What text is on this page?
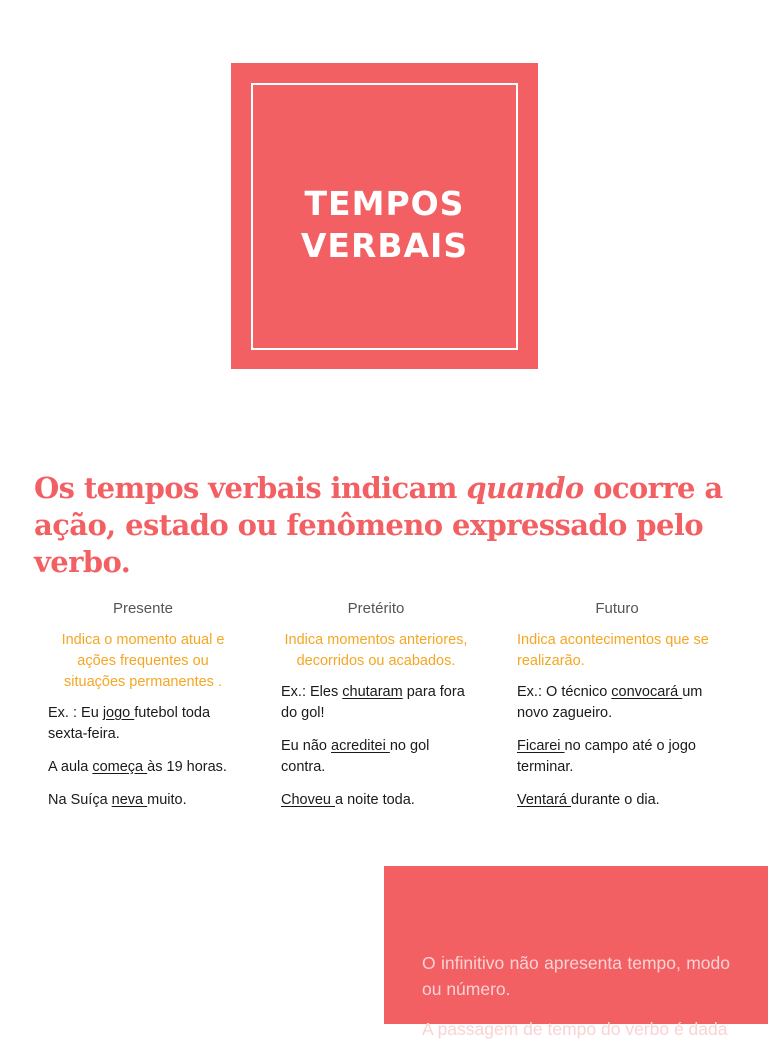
TEMPOS
VERBAIS

Os tempos verbais indicam quando ocorre a ação, estado ou fenômeno expressado pelo verbo.

Presente

Indica o momento atual e ações frequentes ou situações permanentes .

Ex. : Eu jogo futebol toda sexta-feira.

A aula começa às 19 horas.

Na Suíça neva muito.

Pretérito

Indica momentos anteriores, decorridos ou acabados.

Ex.: Eles chutaram para fora do gol!

Eu não acreditei no gol contra.

Choveu a noite toda.

Futuro

Indica acontecimentos que se realizarão.

Ex.: O técnico convocará um novo zagueiro.

Ficarei no campo até o jogo terminar.

Ventará durante o dia.

O infinitivo não apresenta tempo, modo ou número.

A passagem de tempo do verbo é dada
